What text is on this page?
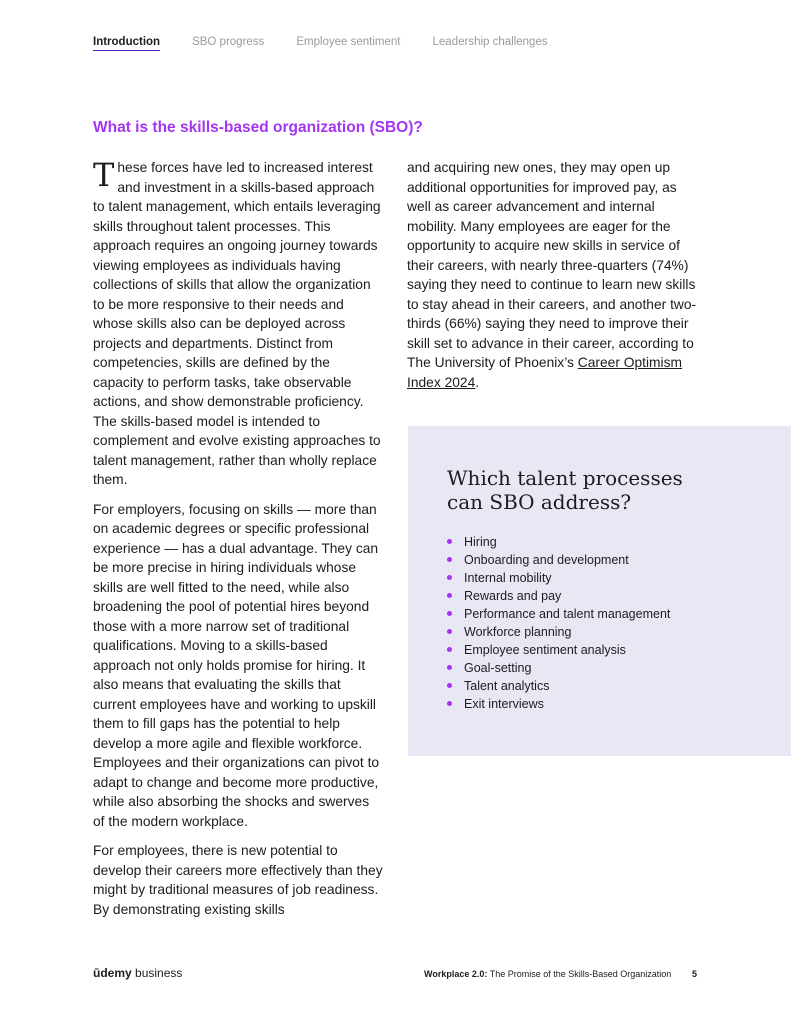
Introduction	SBO progress	Employee sentiment	Leadership challenges
What is the skills-based organization (SBO)?

These forces have led to increased interest and investment in a skills-based approach to talent management, which entails leveraging skills throughout talent processes. This approach requires an ongoing journey towards viewing employees as individuals having collections of skills that allow the organization to be more responsive to their needs and whose skills also can be deployed across projects and departments. Distinct from competencies, skills are defined by the capacity to perform tasks, take observable actions, and show demonstrable proficiency. The skills-based model is intended to complement and evolve existing approaches to talent management, rather than wholly replace them.

For employers, focusing on skills — more than on academic degrees or specific professional experience — has a dual advantage. They can be more precise in hiring individuals whose skills are well fitted to the need, while also broadening the pool of potential hires beyond those with a more narrow set of traditional qualifications. Moving to a skills-based approach not only holds promise for hiring. It also means that evaluating the skills that current employees have and working to upskill them to fill gaps has the potential to help develop a more agile and flexible workforce. Employees and their organizations can pivot to adapt to change and become more productive, while also absorbing the shocks and swerves of the modern workplace.

For employees, there is new potential to develop their careers more effectively than they might by traditional measures of job readiness. By demonstrating existing skills

and acquiring new ones, they may open up additional opportunities for improved pay, as well as career advancement and internal mobility. Many employees are eager for the opportunity to acquire new skills in service of their careers, with nearly three-quarters (74%) saying they need to continue to learn new skills to stay ahead in their careers, and another two-thirds (66%) saying they need to improve their skill set to advance in their career, according to The University of Phoenix’s Career Optimism Index 2024.

Which talent processes can SBO address?
Hiring
Onboarding and development
Internal mobility
Rewards and pay
Performance and talent management
Workforce planning
Employee sentiment analysis
Goal-setting
Talent analytics
Exit interviews
ūdemy business	Workplace 2.0: The Promise of the Skills-Based Organization 5
